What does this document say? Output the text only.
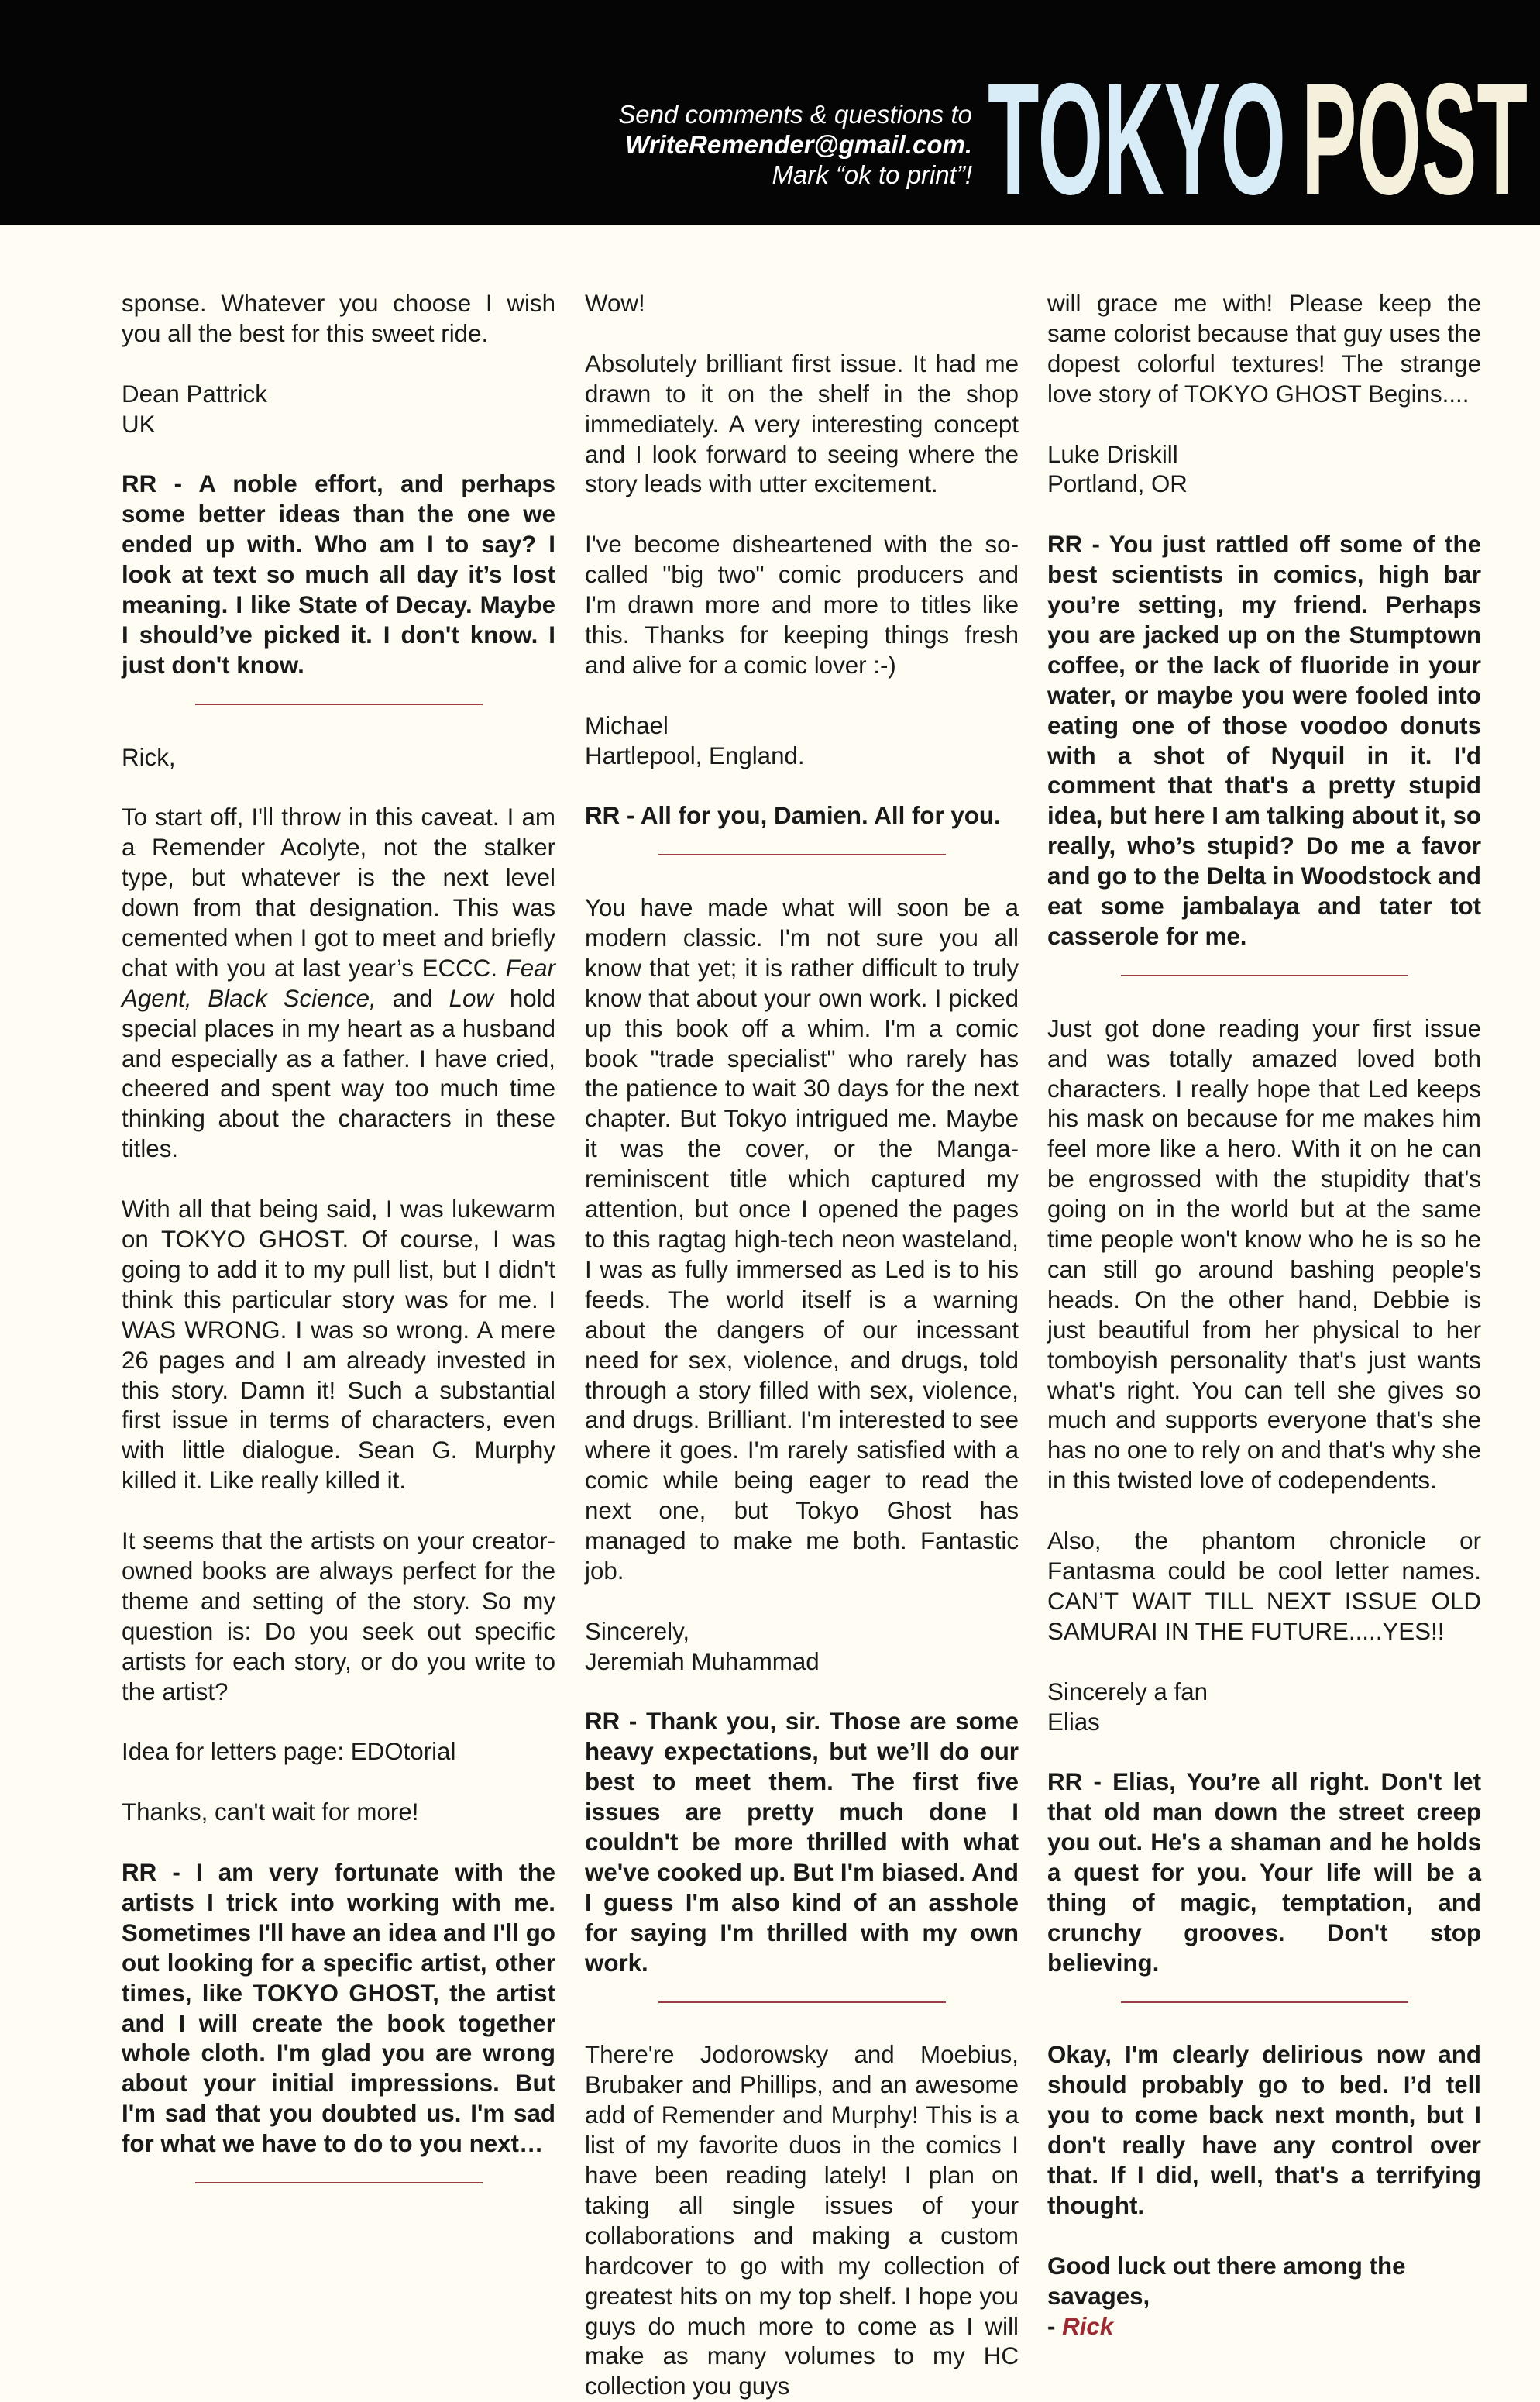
Send comments & questions to
WriteRemender@gmail.com.
Mark “ok to print”! TOKYO POST

sponse. Whatever you choose I wish you all the best for this sweet ride.

Dean Pattrick
UK

RR - A noble effort, and perhaps some better ideas than the one we ended up with. Who am I to say? I look at text so much all day it’s lost meaning. I like State of Decay. Maybe I should’ve picked it. I don't know. I just don't know.

Rick,

To start off, I'll throw in this caveat. I am a Remender Acolyte, not the stalker type, but whatever is the next level down from that designation. This was cemented when I got to meet and briefly chat with you at last year’s ECCC. Fear Agent, Black Science, and Low hold special places in my heart as a husband and especially as a father. I have cried, cheered and spent way too much time thinking about the characters in these titles.

With all that being said, I was lukewarm on TOKYO GHOST. Of course, I was going to add it to my pull list, but I didn't think this particular story was for me. I WAS WRONG. I was so wrong. A mere 26 pages and I am already invested in this story. Damn it! Such a substantial first issue in terms of characters, even with little dialogue. Sean G. Murphy killed it. Like really killed it.

It seems that the artists on your creator-owned books are always perfect for the theme and setting of the story. So my question is: Do you seek out specific artists for each story, or do you write to the artist?

Idea for letters page: EDOtorial

Thanks, can't wait for more!

RR - I am very fortunate with the artists I trick into working with me. Sometimes I'll have an idea and I'll go out looking for a specific artist, other times, like TOKYO GHOST, the artist and I will create the book together whole cloth. I'm glad you are wrong about your initial impressions. But I'm sad that you doubted us. I'm sad for what we have to do to you next…

Wow!

Absolutely brilliant first issue. It had me drawn to it on the shelf in the shop immediately. A very interesting concept and I look forward to seeing where the story leads with utter excitement.

I've become disheartened with the so-called "big two" comic producers and I'm drawn more and more to titles like this. Thanks for keeping things fresh and alive for a comic lover :-)

Michael
Hartlepool, England.

RR - All for you, Damien. All for you.

You have made what will soon be a modern classic. I'm not sure you all know that yet; it is rather difficult to truly know that about your own work. I picked up this book off a whim. I'm a comic book "trade specialist" who rarely has the patience to wait 30 days for the next chapter. But Tokyo intrigued me. Maybe it was the cover, or the Manga-reminiscent title which captured my attention, but once I opened the pages to this ragtag high-tech neon wasteland, I was as fully immersed as Led is to his feeds. The world itself is a warning about the dangers of our incessant need for sex, violence, and drugs, told through a story filled with sex, violence, and drugs. Brilliant. I'm interested to see where it goes. I'm rarely satisfied with a comic while being eager to read the next one, but Tokyo Ghost has managed to make me both. Fantastic job.

Sincerely,
Jeremiah Muhammad

RR - Thank you, sir. Those are some heavy expectations, but we’ll do our best to meet them. The first five issues are pretty much done I couldn't be more thrilled with what we've cooked up. But I'm biased. And I guess I'm also kind of an asshole for saying I'm thrilled with my own work.

There're Jodorowsky and Moebius, Brubaker and Phillips, and an awesome add of Remender and Murphy! This is a list of my favorite duos in the comics I have been reading lately! I plan on taking all single issues of your collaborations and making a custom hardcover to go with my collection of greatest hits on my top shelf. I hope you guys do much more to come as I will make as many volumes to my HC collection you guys

will grace me with! Please keep the same colorist because that guy uses the dopest colorful textures! The strange love story of TOKYO GHOST Begins....

Luke Driskill
Portland, OR

RR - You just rattled off some of the best scientists in comics, high bar you’re setting, my friend. Perhaps you are jacked up on the Stumptown coffee, or the lack of fluoride in your water, or maybe you were fooled into eating one of those voodoo donuts with a shot of Nyquil in it. I'd comment that that's a pretty stupid idea, but here I am talking about it, so really, who’s stupid? Do me a favor and go to the Delta in Woodstock and eat some jambalaya and tater tot casserole for me.

Just got done reading your first issue and was totally amazed loved both characters. I really hope that Led keeps his mask on because for me makes him feel more like a hero. With it on he can be engrossed with the stupidity that's going on in the world but at the same time people won't know who he is so he can still go around bashing people's heads. On the other hand, Debbie is just beautiful from her physical to her tomboyish personality that's just wants what's right. You can tell she gives so much and supports everyone that's she has no one to rely on and that's why she in this twisted love of codependents.

Also, the phantom chronicle or Fantasma could be cool letter names. CAN’T WAIT TILL NEXT ISSUE OLD SAMURAI IN THE FUTURE.....YES!!

Sincerely a fan
Elias

RR - Elias, You’re all right. Don't let that old man down the street creep you out. He's a shaman and he holds a quest for you. Your life will be a thing of magic, temptation, and crunchy grooves. Don't stop believing.

Okay, I'm clearly delirious now and should probably go to bed. I’d tell you to come back next month, but I don't really have any control over that. If I did, well, that's a terrifying thought.

Good luck out there among the savages,
- Rick
